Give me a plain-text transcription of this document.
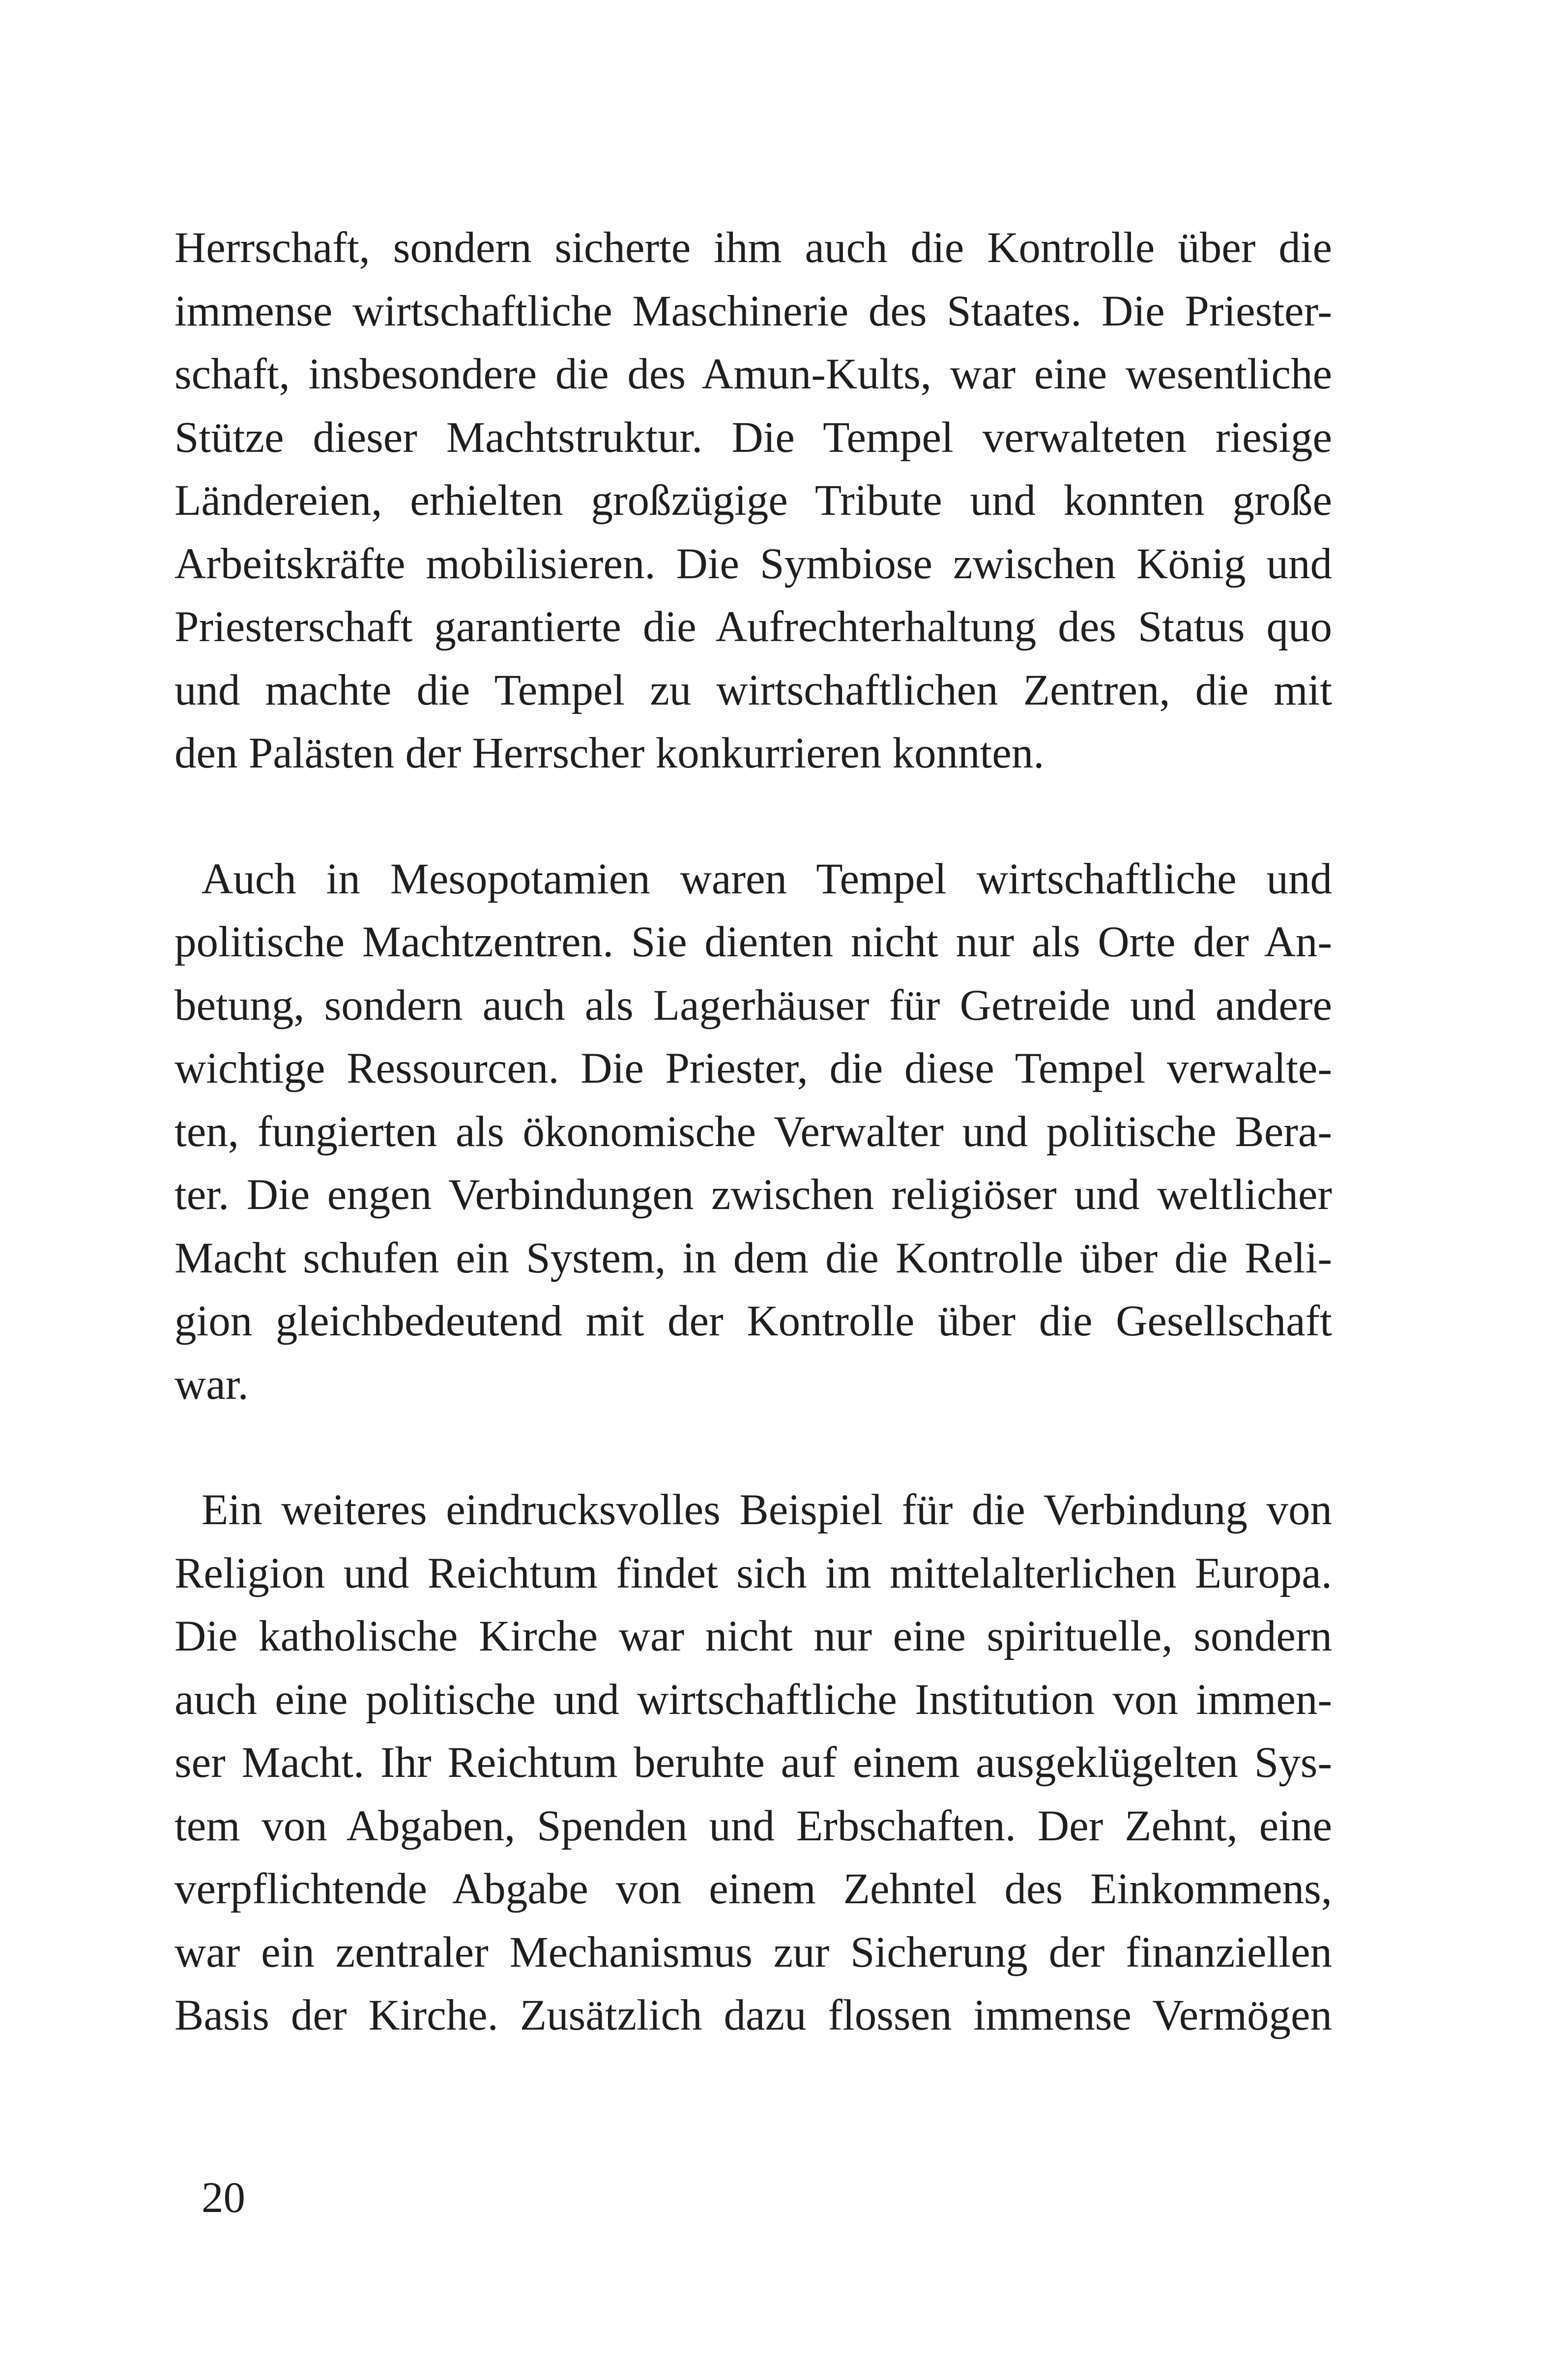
Herrschaft, sondern sicherte ihm auch die Kontrolle über die
immense wirtschaftliche Maschinerie des Staates. Die Priester-
schaft, insbesondere die des Amun-Kults, war eine wesentliche
Stütze dieser Machtstruktur. Die Tempel verwalteten riesige
Ländereien, erhielten großzügige Tribute und konnten große
Arbeitskräfte mobilisieren. Die Symbiose zwischen König und
Priesterschaft garantierte die Aufrechterhaltung des Status quo
und machte die Tempel zu wirtschaftlichen Zentren, die mit
den Palästen der Herrscher konkurrieren konnten.

Auch in Mesopotamien waren Tempel wirtschaftliche und
politische Machtzentren. Sie dienten nicht nur als Orte der An-
betung, sondern auch als Lagerhäuser für Getreide und andere
wichtige Ressourcen. Die Priester, die diese Tempel verwalte-
ten, fungierten als ökonomische Verwalter und politische Bera-
ter. Die engen Verbindungen zwischen religiöser und weltlicher
Macht schufen ein System, in dem die Kontrolle über die Reli-
gion gleichbedeutend mit der Kontrolle über die Gesellschaft
war.

Ein weiteres eindrucksvolles Beispiel für die Verbindung von
Religion und Reichtum findet sich im mittelalterlichen Europa.
Die katholische Kirche war nicht nur eine spirituelle, sondern
auch eine politische und wirtschaftliche Institution von immen-
ser Macht. Ihr Reichtum beruhte auf einem ausgeklügelten Sys-
tem von Abgaben, Spenden und Erbschaften. Der Zehnt, eine
verpflichtende Abgabe von einem Zehntel des Einkommens,
war ein zentraler Mechanismus zur Sicherung der finanziellen
Basis der Kirche. Zusätzlich dazu flossen immense Vermögen

20
